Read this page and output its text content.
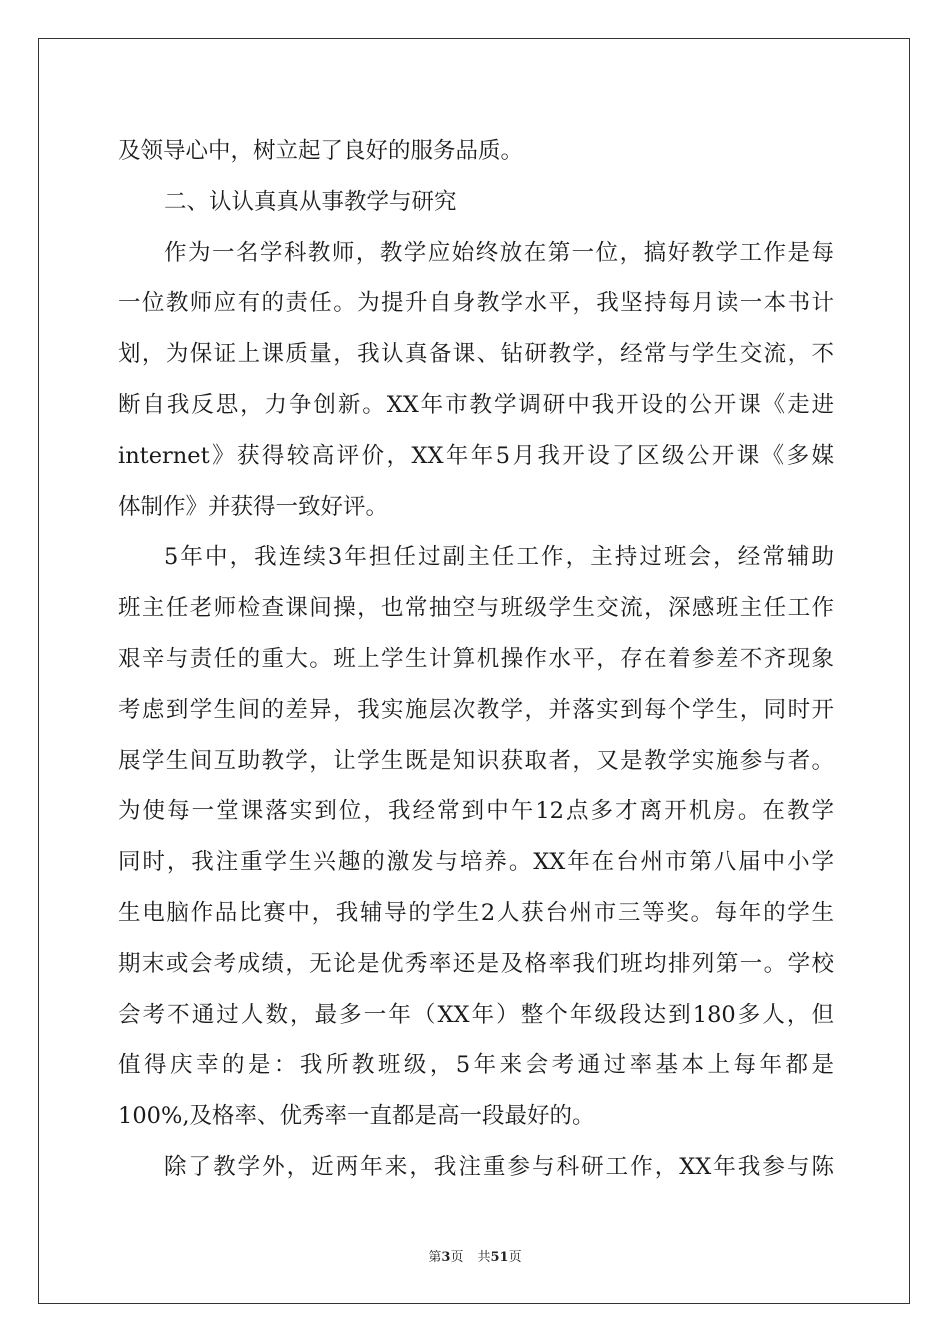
及领导心中，树立起了良好的服务品质。
二、认认真真从事教学与研究
作为一名学科教师，教学应始终放在第一位，搞好教学工作是每
一位教师应有的责任。为提升自身教学水平，我坚持每月读一本书计
划，为保证上课质量，我认真备课、钻研教学，经常与学生交流，不
断自我反思，力争创新。XX年市教学调研中我开设的公开课《走进
internet》获得较高评价，XX年年5月我开设了区级公开课《多媒
体制作》并获得一致好评。
5年中，我连续3年担任过副主任工作，主持过班会，经常辅助
班主任老师检查课间操，也常抽空与班级学生交流，深感班主任工作
艰辛与责任的重大。班上学生计算机操作水平，存在着参差不齐现象
考虑到学生间的差异，我实施层次教学，并落实到每个学生，同时开
展学生间互助教学，让学生既是知识获取者，又是教学实施参与者。
为使每一堂课落实到位，我经常到中午12点多才离开机房。在教学
同时，我注重学生兴趣的激发与培养。XX年在台州市第八届中小学
生电脑作品比赛中，我辅导的学生2人获台州市三等奖。每年的学生
期末或会考成绩，无论是优秀率还是及格率我们班均排列第一。学校
会考不通过人数，最多一年（XX年）整个年级段达到180多人，但
值得庆幸的是：我所教班级，5年来会考通过率基本上每年都是
100%,及格率、优秀率一直都是高一段最好的。
除了教学外，近两年来，我注重参与科研工作，XX年我参与陈
第3页 共51页
